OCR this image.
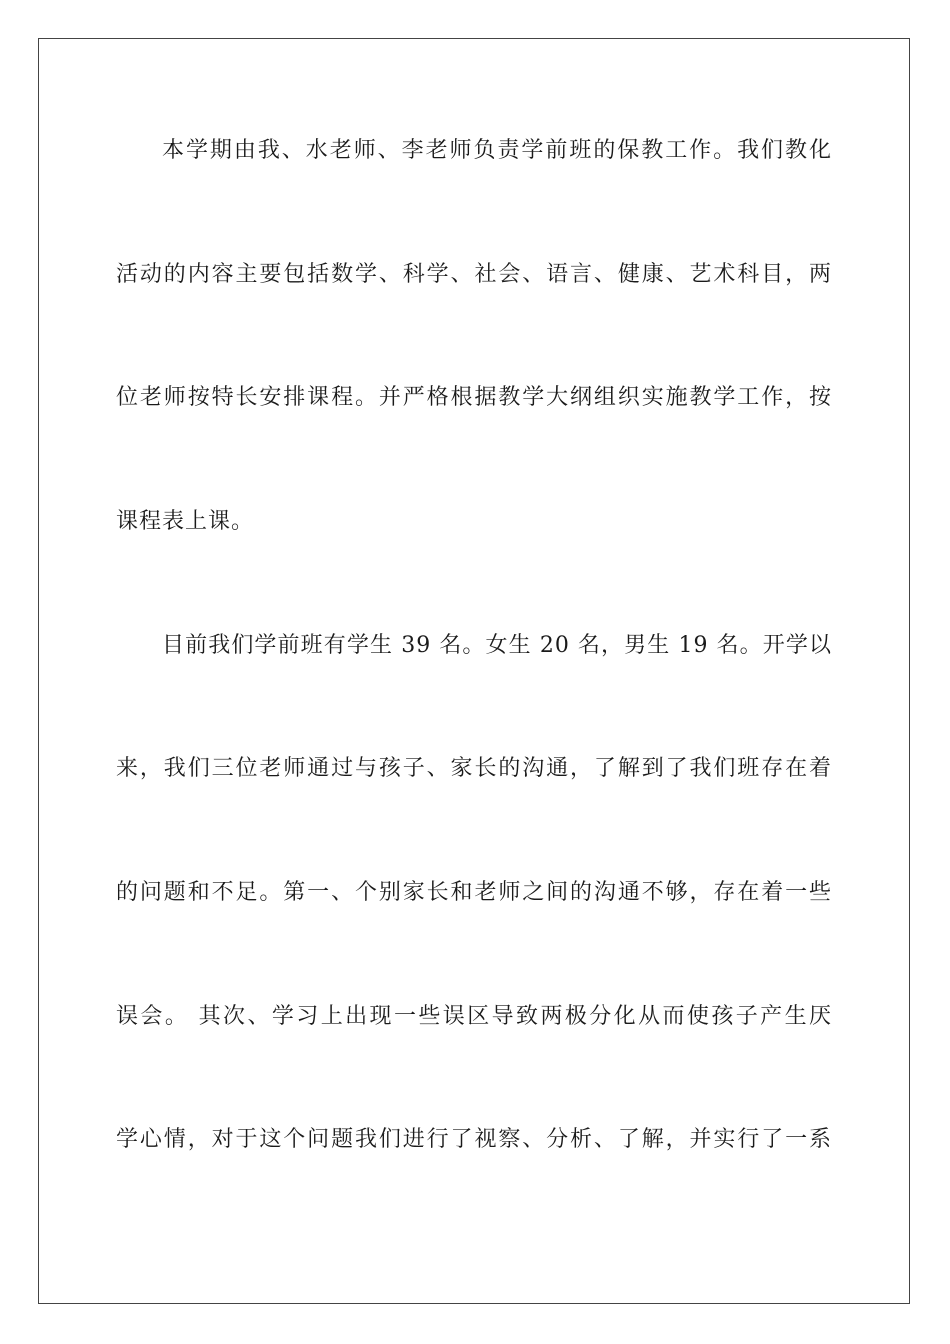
本学期由我、水老师、李老师负责学前班的保教工作。我们教化
活动的内容主要包括数学、科学、社会、语言、健康、艺术科目，两
位老师按特长安排课程。并严格根据教学大纲组织实施教学工作，按
课程表上课。
目前我们学前班有学生 39 名。女生 20 名，男生 19 名。开学以
来，我们三位老师通过与孩子、家长的沟通，了解到了我们班存在着
的问题和不足。第一、个别家长和老师之间的沟通不够，存在着一些
误会。 其次、学习上出现一些误区导致两极分化从而使孩子产生厌
学心情，对于这个问题我们进行了视察、分析、了解，并实行了一系
